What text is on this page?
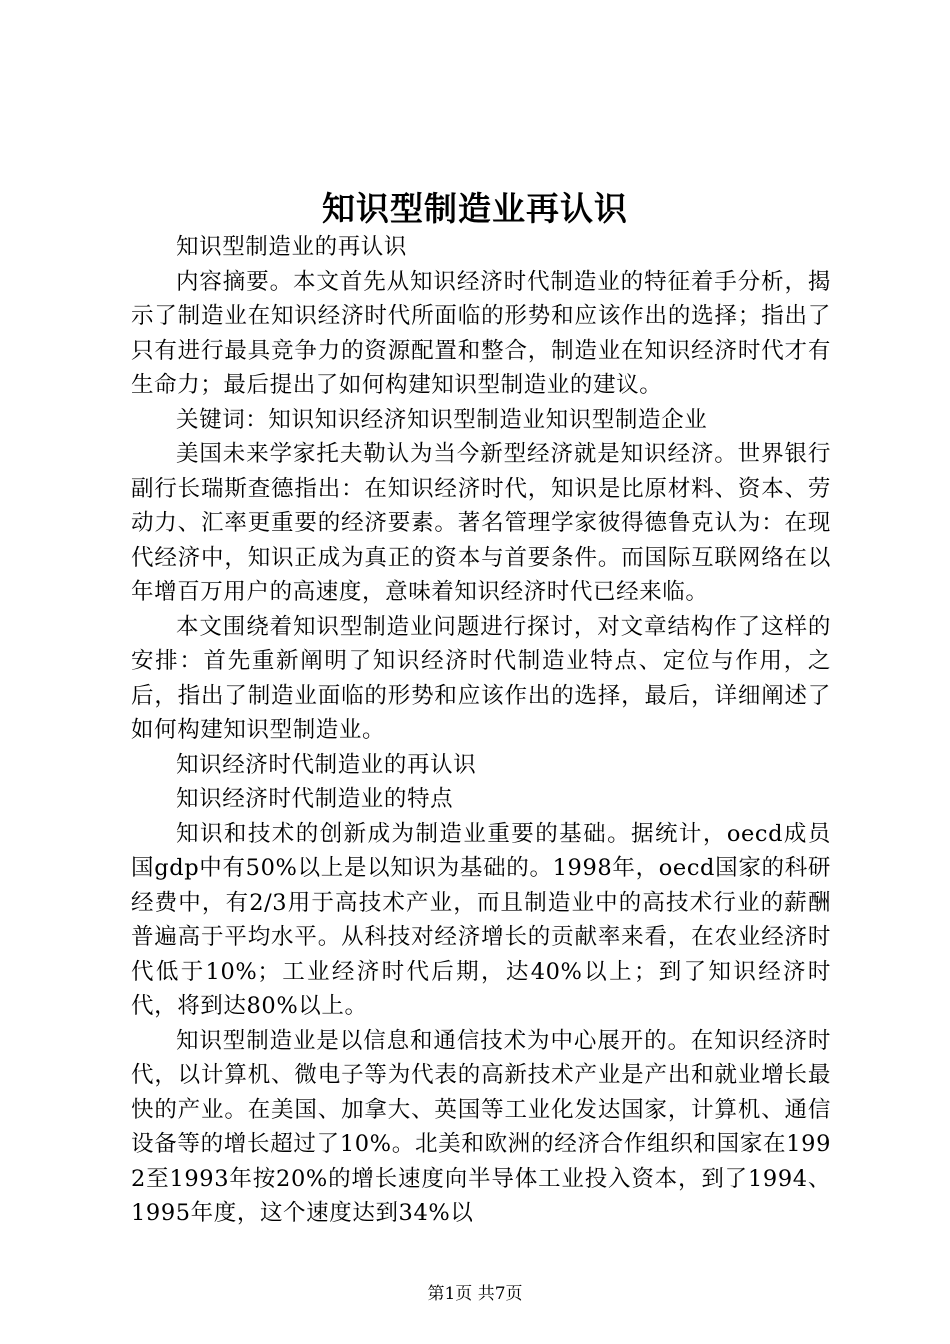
知识型制造业再认识

知识型制造业的再认识

内容摘要。本文首先从知识经济时代制造业的特征着手分析，揭示了制造业在知识经济时代所面临的形势和应该作出的选择；指出了只有进行最具竞争力的资源配置和整合，制造业在知识经济时代才有生命力；最后提出了如何构建知识型制造业的建议。

关键词：知识知识经济知识型制造业知识型制造企业

美国未来学家托夫勒认为当今新型经济就是知识经济。世界银行副行长瑞斯查德指出：在知识经济时代，知识是比原材料、资本、劳动力、汇率更重要的经济要素。著名管理学家彼得德鲁克认为：在现代经济中，知识正成为真正的资本与首要条件。而国际互联网络在以年增百万用户的高速度，意味着知识经济时代已经来临。

本文围绕着知识型制造业问题进行探讨，对文章结构作了这样的安排：首先重新阐明了知识经济时代制造业特点、定位与作用，之后，指出了制造业面临的形势和应该作出的选择，最后，详细阐述了如何构建知识型制造业。

知识经济时代制造业的再认识

知识经济时代制造业的特点

知识和技术的创新成为制造业重要的基础。据统计，oecd成员国gdp中有50%以上是以知识为基础的。1998年，oecd国家的科研经费中，有2/3用于高技术产业，而且制造业中的高技术行业的薪酬普遍高于平均水平。从科技对经济增长的贡献率来看，在农业经济时代低于10%；工业经济时代后期，达40%以上；到了知识经济时代，将到达80%以上。

知识型制造业是以信息和通信技术为中心展开的。在知识经济时代，以计算机、微电子等为代表的高新技术产业是产出和就业增长最快的产业。在美国、加拿大、英国等工业化发达国家，计算机、通信设备等的增长超过了10%。北美和欧洲的经济合作组织和国家在1992至1993年按20%的增长速度向半导体工业投入资本，到了1994、1995年度，这个速度达到34%以

第1页 共7页
